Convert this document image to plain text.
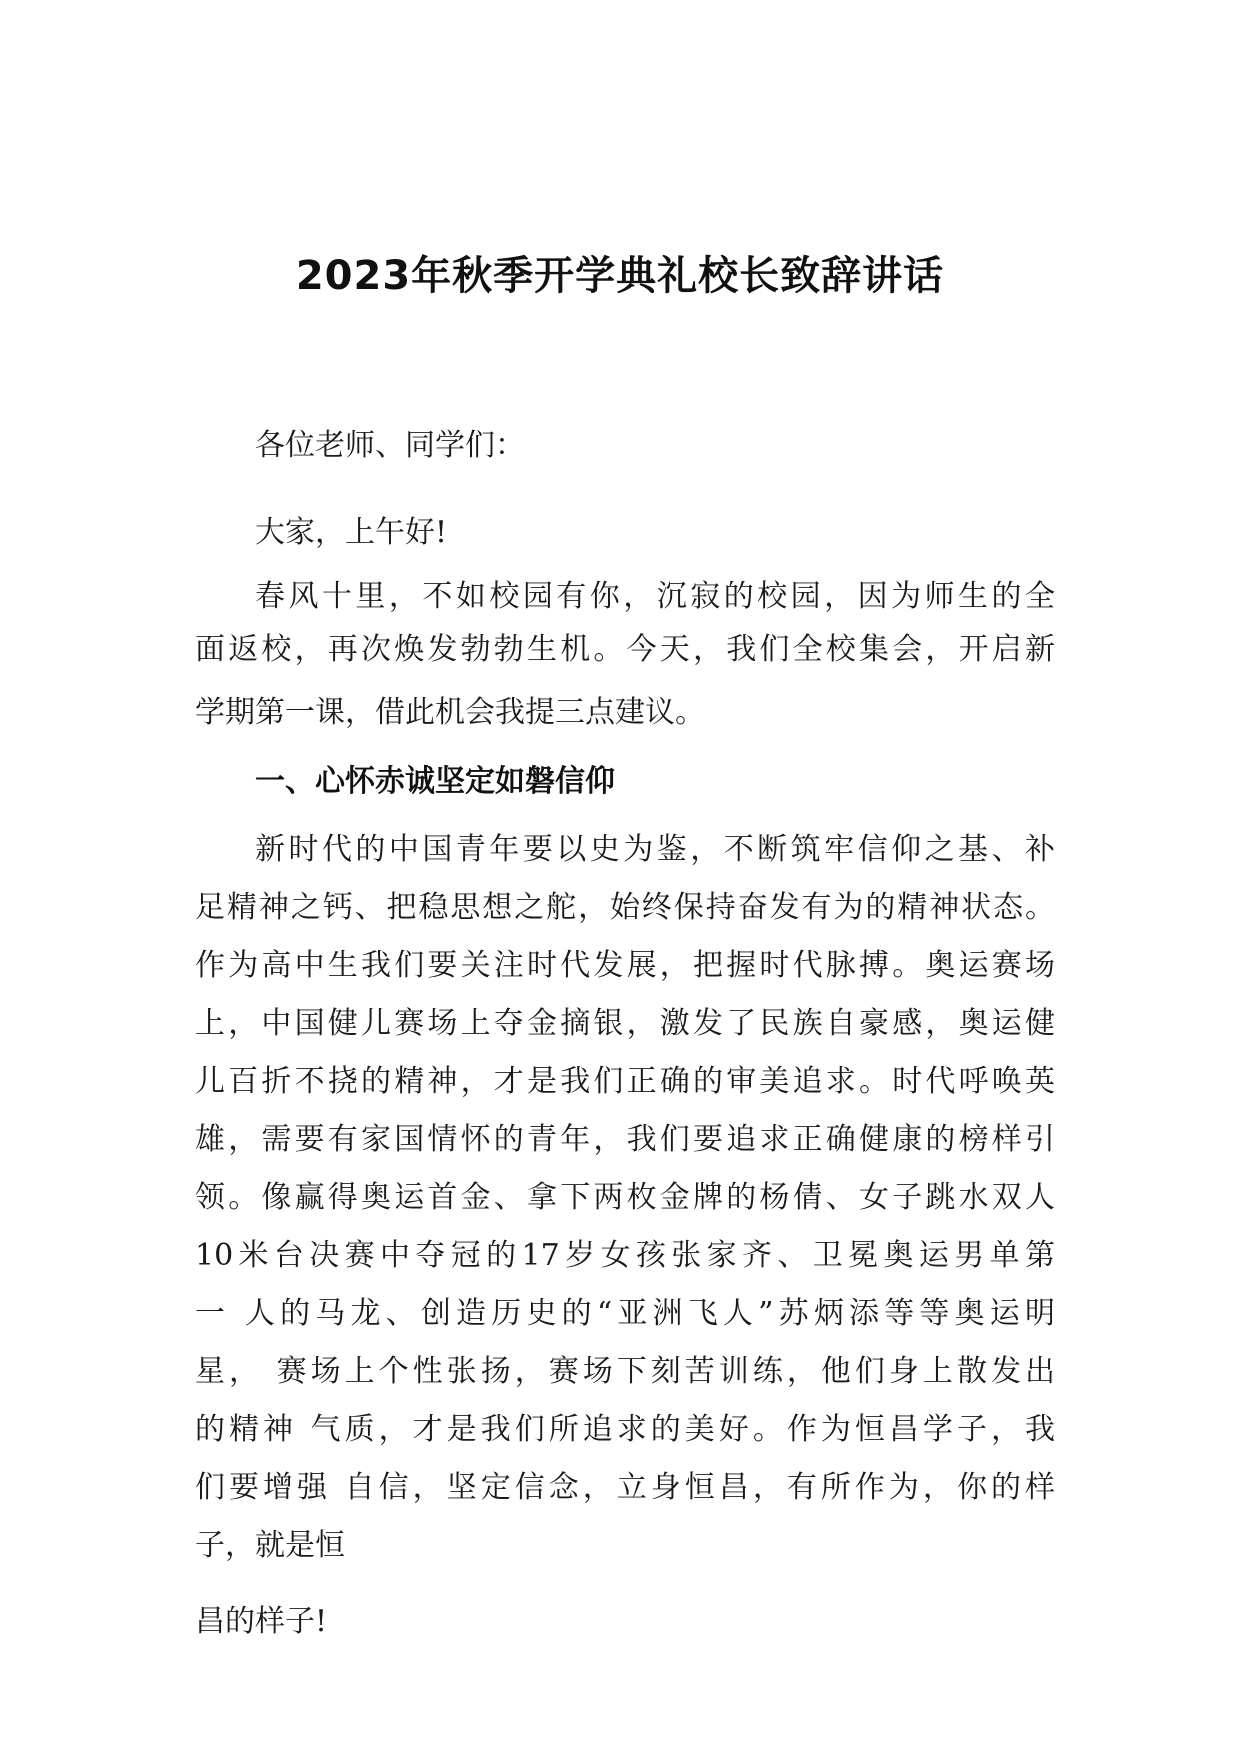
2023年秋季开学典礼校长致辞讲话

各位老师、同学们：

大家，上午好!

春风十里，不如校园有你，沉寂的校园，因为师生的全

面返校，再次焕发勃勃生机。今天，我们全校集会，开启新

学期第一课，借此机会我提三点建议。

一、心怀赤诚坚定如磐信仰

新时代的中国青年要以史为鉴，不断筑牢信仰之基、补

足精神之钙、把稳思想之舵，始终保持奋发有为的精神状态。

作为高中生我们要关注时代发展，把握时代脉搏。奥运赛场

上，中国健儿赛场上夺金摘银，激发了民族自豪感，奥运健

儿百折不挠的精神，才是我们正确的审美追求。时代呼唤英

雄，需要有家国情怀的青年，我们要追求正确健康的榜样引

领。像赢得奥运首金、拿下两枚金牌的杨倩、女子跳水双人

10米台决赛中夺冠的17岁女孩张家齐、卫冕奥运男单第

一 人的马龙、创造历史的“亚洲飞人”苏炳添等等奥运明

星， 赛场上个性张扬，赛场下刻苦训练，他们身上散发出

的精神 气质，才是我们所追求的美好。作为恒昌学子，我

们要增强 自信，坚定信念，立身恒昌，有所作为，你的样

子，就是恒

昌的样子!
